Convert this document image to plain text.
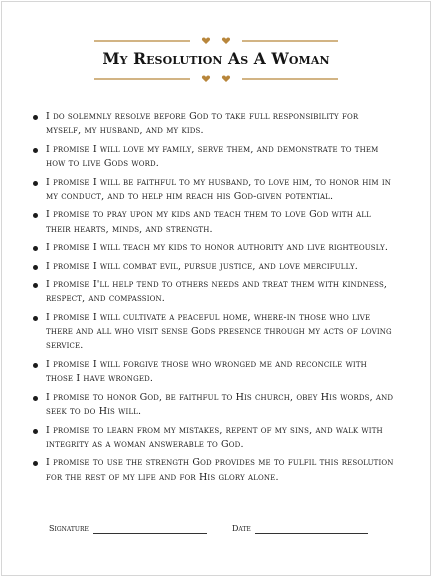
My Resolution As A Woman
I do solemnly resolve before God to take full responsibility for myself, my husband, and my kids.
I promise I will love my family, serve them, and demonstrate to them how to live Gods word.
I promise I will be faithful to my husband, to love him, to honor him in my conduct, and to help him reach his God-given potential.
I promise to pray upon my kids and teach them to love God with all their hearts, minds, and strength.
I promise I will teach my kids to honor authority and live righteously.
I promise I will combat evil, pursue justice, and love mercifully.
I promise I'll help tend to others needs and treat them with kindness, respect, and compassion.
I promise I will cultivate a peaceful home, where-in those who live there and all who visit sense Gods presence through my acts of loving service.
I promise I will forgive those who wronged me and reconcile with those I have wronged.
I promise to honor God, be faithful to His church, obey His words, and seek to do His will.
I promise to learn from my mistakes, repent of my sins, and walk with integrity as a woman answerable to God.
I promise to use the strength God provides me to fulfil this resolution for the rest of my life and for His glory alone.
Signature	Date
